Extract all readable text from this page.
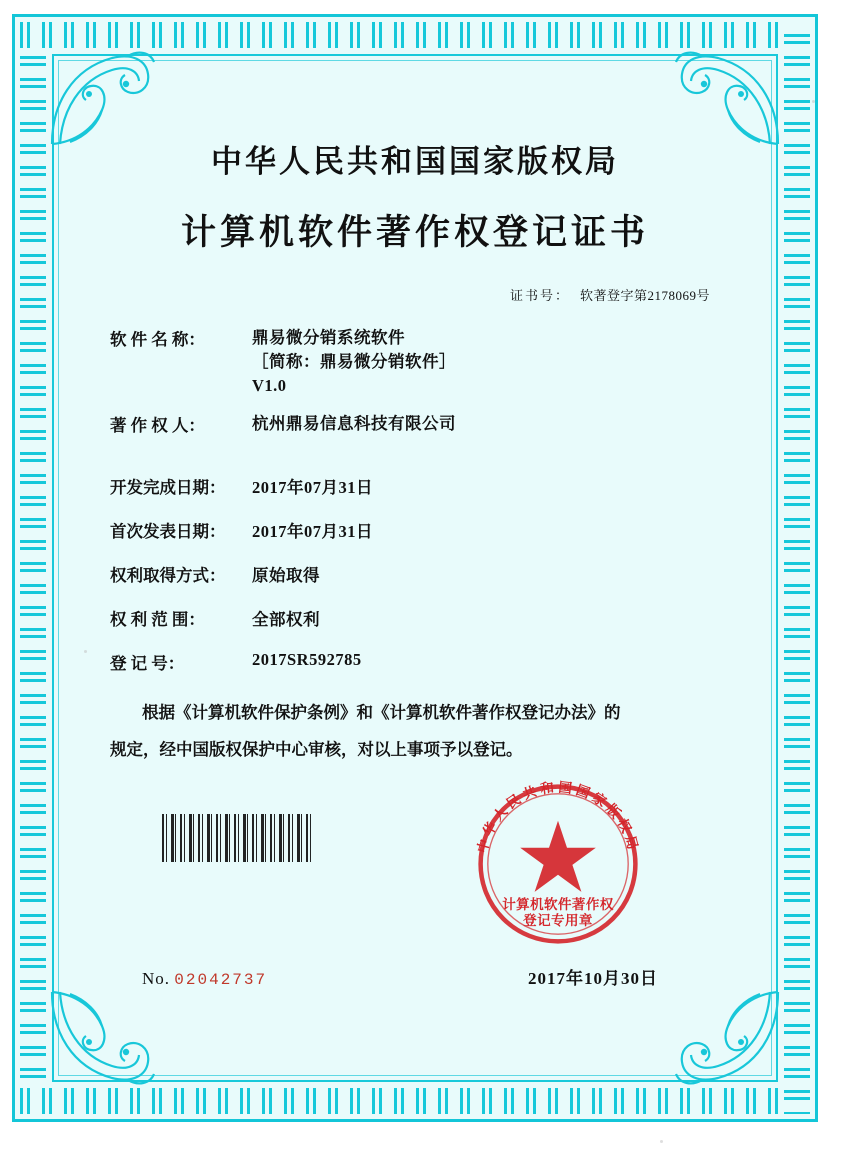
中华人民共和国国家版权局
计算机软件著作权登记证书
证书号： 软著登字第2178069号
软 件 名 称：	鼎易微分销系统软件
［简称：鼎易微分销软件］
V1.0
著 作 权 人：	杭州鼎易信息科技有限公司
开发完成日期：	2017年07月31日
首次发表日期：	2017年07月31日
权利取得方式：	原始取得
权 利 范 围：	全部权利
登 记 号：	2017SR592785
根据《计算机软件保护条例》和《计算机软件著作权登记办法》的
规定，经中国版权保护中心审核，对以上事项予以登记。
中华人民共和国国家版权局
计算机软件著作权
登记专用章
No. 02042737	2017年10月30日
